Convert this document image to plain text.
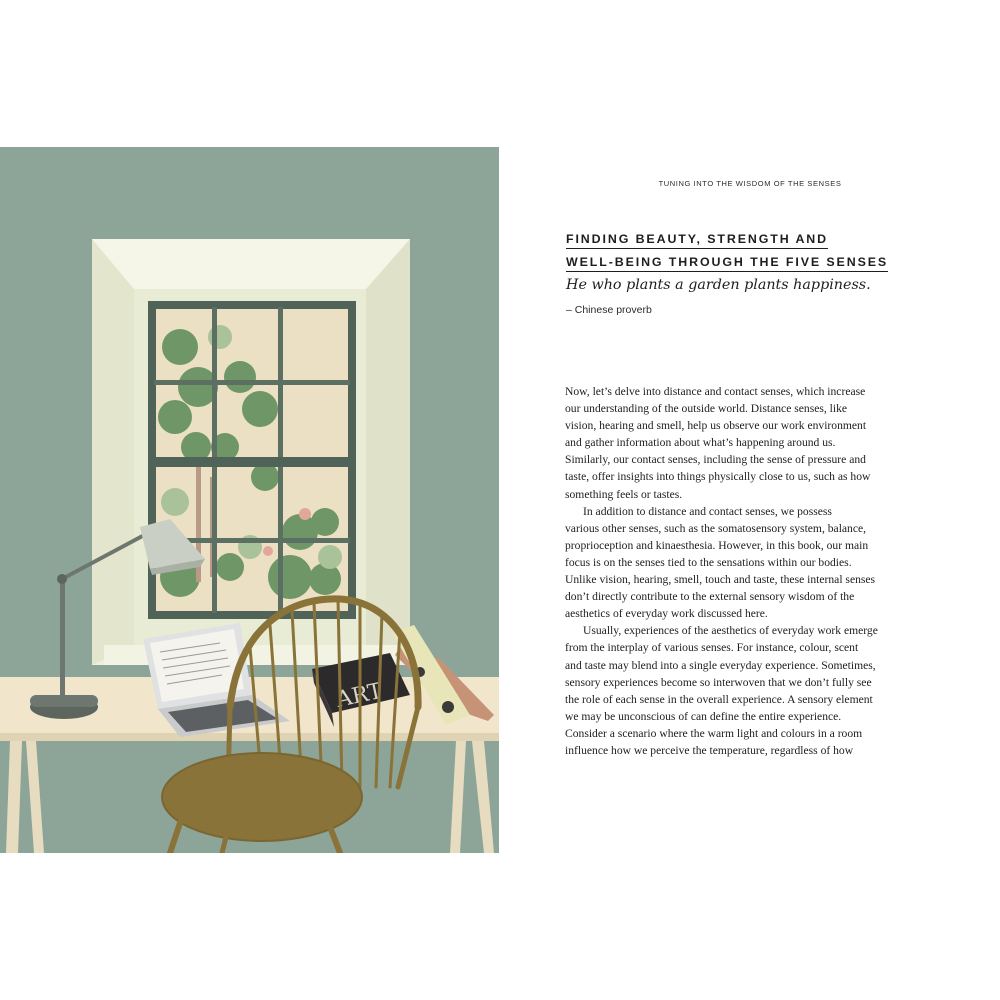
ART
TUNING INTO THE WISDOM OF THE SENSES
FINDING BEAUTY, STRENGTH AND
WELL-BEING THROUGH THE FIVE SENSES
He who plants a garden plants happiness.
– Chinese proverb
Now, let’s delve into distance and contact senses, which increase
our understanding of the outside world. Distance senses, like
vision, hearing and smell, help us observe our work environment
and gather information about what’s happening around us.
Similarly, our contact senses, including the sense of pressure and
taste, offer insights into things physically close to us, such as how
something feels or tastes.
In addition to distance and contact senses, we possess
various other senses, such as the somatosensory system, balance,
proprioception and kinaesthesia. However, in this book, our main
focus is on the senses tied to the sensations within our bodies.
Unlike vision, hearing, smell, touch and taste, these internal senses
don’t directly contribute to the external sensory wisdom of the
aesthetics of everyday work discussed here.
Usually, experiences of the aesthetics of everyday work emerge
from the interplay of various senses. For instance, colour, scent
and taste may blend into a single everyday experience. Sometimes,
sensory experiences become so interwoven that we don’t fully see
the role of each sense in the overall experience. A sensory element
we may be unconscious of can define the entire experience.
Consider a scenario where the warm light and colours in a room
influence how we perceive the temperature, regardless of how
